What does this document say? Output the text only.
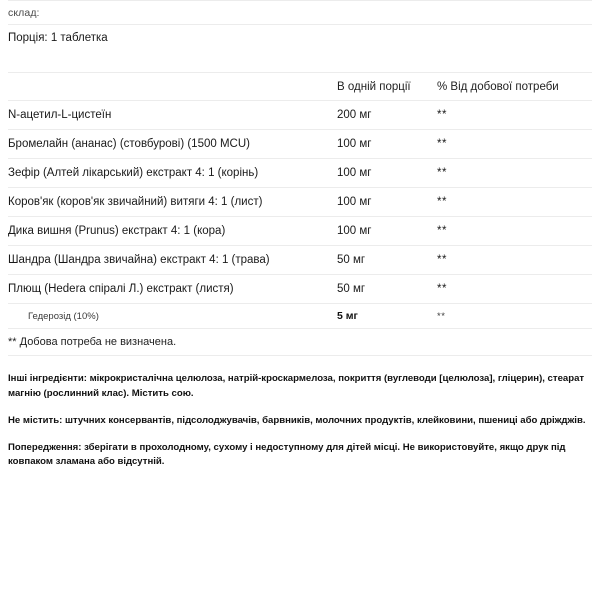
склад:		
Порція: 1 таблетка		

	В одній порції	% Від добової потреби
N-ацетил-L-цистеїн	200 мг	**
Бромелайн (ананас) (стовбурові) (1500 MCU)	100 мг	**
Зефір (Алтей лікарський) екстракт 4: 1 (корінь)	100 мг	**
Коров'як (коров'як звичайний) витяги 4: 1 (лист)	100 мг	**
Дика вишня (Prunus) екстракт 4: 1 (кора)	100 мг	**
Шандра (Шандра звичайна) екстракт 4: 1 (трава)	50 мг	**
Плющ (Hedera спіралі Л.) екстракт (листя)	50 мг	**
Гедерозід (10%)	5 мг	**
** Добова потреба не визначена.		

Інші інгредієнти: мікрокристалічна целюлоза, натрій-кроскармелоза, покриття (вуглеводи [целюлоза], гліцерин), стеарат магнію (рослинний клас). Містить сою.

Не містить: штучних консервантів, підсолоджувачів, барвників, молочних продуктів, клейковини, пшениці або дріжджів.

Попередження: зберігати в прохолодному, сухому і недоступному для дітей місці. Не використовуйте, якщо друк під ковпаком зламана або відсутній.
